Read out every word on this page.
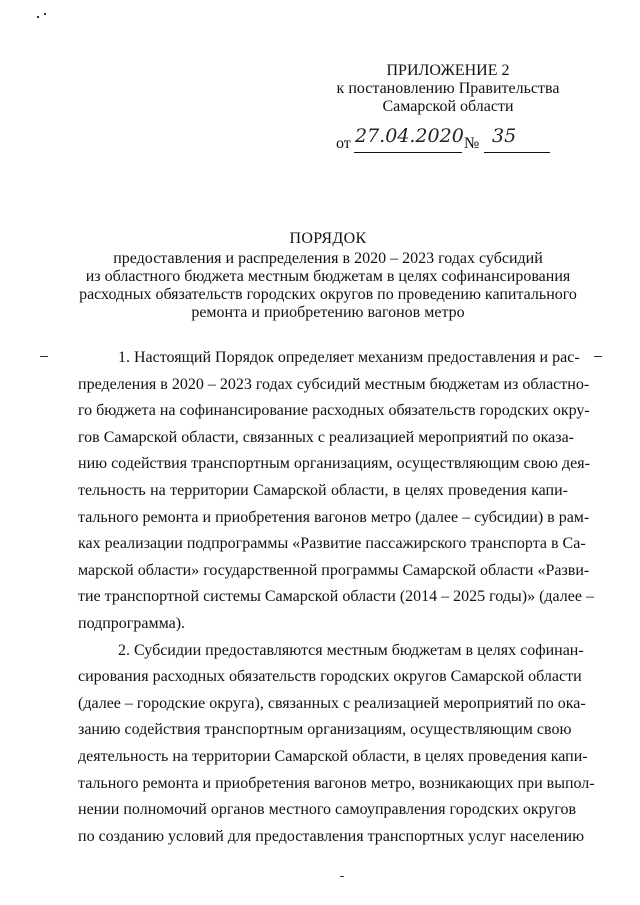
ПРИЛОЖЕНИЕ 2
к постановлению Правительства
Самарской области
от 27.04.2020 № 35
ПОРЯДОК
предоставления и распределения в 2020 – 2023 годах субсидий
из областного бюджета местным бюджетам в целях софинансирования
расходных обязательств городских округов по проведению капитального
ремонта и приобретению вагонов метро

1. Настоящий Порядок определяет механизм предоставления и рас-
пределения в 2020 – 2023 годах субсидий местным бюджетам из областно-
го бюджета на софинансирование расходных обязательств городских окру-
гов Самарской области, связанных с реализацией мероприятий по оказа-
нию содействия транспортным организациям, осуществляющим свою дея-
тельность на территории Самарской области, в целях проведения капи-
тального ремонта и приобретения вагонов метро (далее – субсидии) в рам-
ках реализации подпрограммы «Развитие пассажирского транспорта в Са-
марской области» государственной программы Самарской области «Разви-
тие транспортной системы Самарской области (2014 – 2025 годы)» (далее –
подпрограмма).

2. Субсидии предоставляются местным бюджетам в целях софинан-
сирования расходных обязательств городских округов Самарской области
(далее – городские округа), связанных с реализацией мероприятий по ока-
занию содействия транспортным организациям, осуществляющим свою
деятельность на территории Самарской области, в целях проведения капи-
тального ремонта и приобретения вагонов метро, возникающих при выпол-
нении полномочий органов местного самоуправления городских округов
по созданию условий для предоставления транспортных услуг населению
